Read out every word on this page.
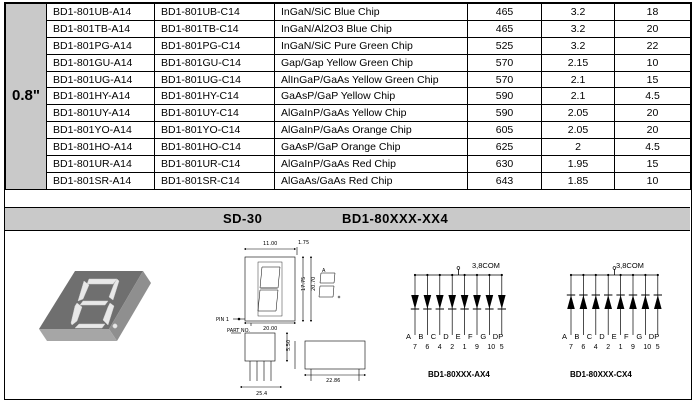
0.8"	BD1-801UB-A14	BD1-801UB-C14	InGaN/SiC Blue Chip	465	3.2	18
	BD1-801TB-A14	BD1-801TB-C14	InGaN/Al2O3 Blue Chip	465	3.2	20
	BD1-801PG-A14	BD1-801PG-C14	InGaN/SiC Pure Green Chip	525	3.2	22
	BD1-801GU-A14	BD1-801GU-C14	Gap/Gap Yellow Green Chip	570	2.15	10
	BD1-801UG-A14	BD1-801UG-C14	AlInGaP/GaAs Yellow Green Chip	570	2.1	15
	BD1-801HY-A14	BD1-801HY-C14	GaAsP/GaP Yellow Chip	590	2.1	4.5
	BD1-801UY-A14	BD1-801UY-C14	AlGaInP/GaAs Yellow Chip	590	2.05	20
	BD1-801YO-A14	BD1-801YO-C14	AlGaInP/GaAs Orange Chip	605	2.05	20
	BD1-801HO-A14	BD1-801HO-C14	GaAsP/GaP Orange Chip	625	2	4.5
	BD1-801UR-A14	BD1-801UR-C14	AlGaInP/GaAs Red Chip	630	1.95	15
	BD1-801SR-A14	BD1-801SR-C14	AlGaAs/GaAs Red Chip	643	1.85	10
SD-30	BD1-80XXX-XX4
11.00	1.75
17.75 20.70
20.00
PIN 1
PART NO.
5.50
22.86
25.4
A
A
7
B
6
C
4
D
2
E
1
F
9
G
10
DP
5
3,8COM
BD1-80XXX-AX4
A
7
B
6
C
4
D
2
E
1
F
9
G
10
DP
5
3,8COM
BD1-80XXX-CX4
